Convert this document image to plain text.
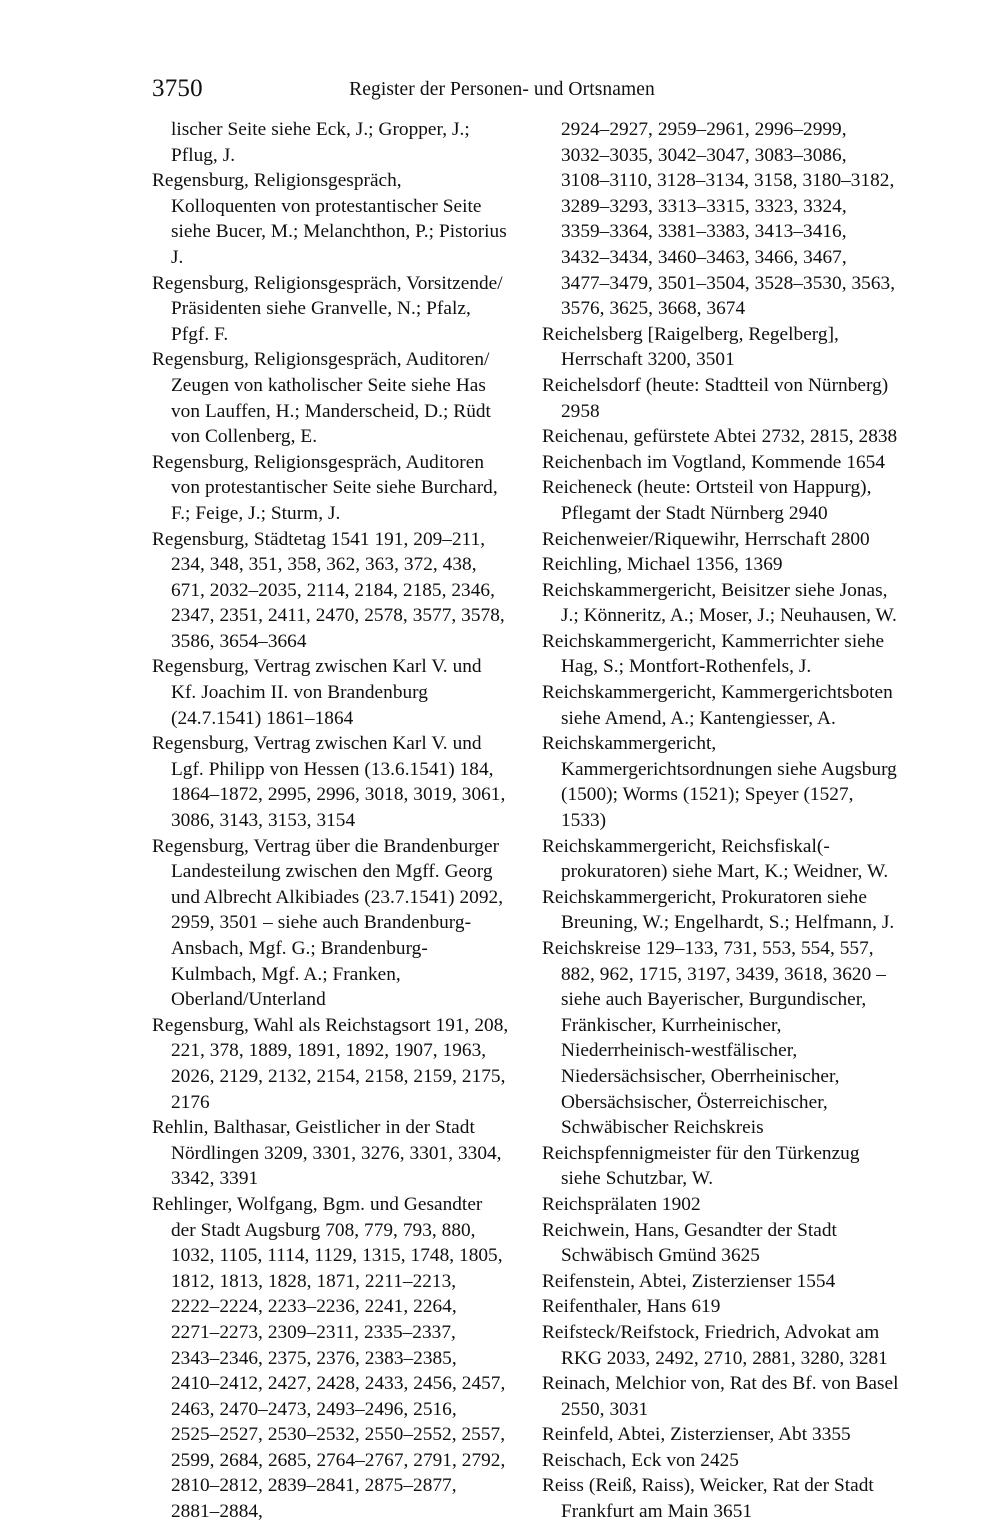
3750	Register der Personen- und Ortsnamen

lischer Seite siehe Eck, J.; Gropper, J.; Pflug, J.

Regensburg, Religionsgespräch, Kolloquenten von protestantischer Seite siehe Bucer, M.; Melanchthon, P.; Pistorius J.

Regensburg, Religionsgespräch, Vorsitzende/ Präsidenten siehe Granvelle, N.; Pfalz, Pfgf. F.

Regensburg, Religionsgespräch, Auditoren/ Zeugen von katholischer Seite siehe Has von Lauffen, H.; Manderscheid, D.; Rüdt von Collenberg, E.

Regensburg, Religionsgespräch, Auditoren von protestantischer Seite siehe Burchard, F.; Feige, J.; Sturm, J.

Regensburg, Städtetag 1541 191, 209–211, 234, 348, 351, 358, 362, 363, 372, 438, 671, 2032–2035, 2114, 2184, 2185, 2346, 2347, 2351, 2411, 2470, 2578, 3577, 3578, 3586, 3654–3664

Regensburg, Vertrag zwischen Karl V. und Kf. Joachim II. von Brandenburg (24.7.1541) 1861–1864

Regensburg, Vertrag zwischen Karl V. und Lgf. Philipp von Hessen (13.6.1541) 184, 1864–1872, 2995, 2996, 3018, 3019, 3061, 3086, 3143, 3153, 3154

Regensburg, Vertrag über die Brandenburger Landesteilung zwischen den Mgff. Georg und Albrecht Alkibiades (23.7.1541) 2092, 2959, 3501 – siehe auch Brandenburg-Ansbach, Mgf. G.; Brandenburg-Kulmbach, Mgf. A.; Franken, Oberland/Unterland

Regensburg, Wahl als Reichstagsort 191, 208, 221, 378, 1889, 1891, 1892, 1907, 1963, 2026, 2129, 2132, 2154, 2158, 2159, 2175, 2176

Rehlin, Balthasar, Geistlicher in der Stadt Nördlingen 3209, 3301, 3276, 3301, 3304, 3342, 3391

Rehlinger, Wolfgang, Bgm. und Gesandter der Stadt Augsburg 708, 779, 793, 880, 1032, 1105, 1114, 1129, 1315, 1748, 1805, 1812, 1813, 1828, 1871, 2211–2213, 2222–2224, 2233–2236, 2241, 2264, 2271–2273, 2309–2311, 2335–2337, 2343–2346, 2375, 2376, 2383–2385, 2410–2412, 2427, 2428, 2433, 2456, 2457, 2463, 2470–2473, 2493–2496, 2516, 2525–2527, 2530–2532, 2550–2552, 2557, 2599, 2684, 2685, 2764–2767, 2791, 2792, 2810–2812, 2839–2841, 2875–2877, 2881–2884,

2924–2927, 2959–2961, 2996–2999, 3032–3035, 3042–3047, 3083–3086, 3108–3110, 3128–3134, 3158, 3180–3182, 3289–3293, 3313–3315, 3323, 3324, 3359–3364, 3381–3383, 3413–3416, 3432–3434, 3460–3463, 3466, 3467, 3477–3479, 3501–3504, 3528–3530, 3563, 3576, 3625, 3668, 3674

Reichelsberg [Raigelberg, Regelberg], Herrschaft 3200, 3501

Reichelsdorf (heute: Stadtteil von Nürnberg) 2958

Reichenau, gefürstete Abtei 2732, 2815, 2838

Reichenbach im Vogtland, Kommende 1654

Reicheneck (heute: Ortsteil von Happurg), Pflegamt der Stadt Nürnberg 2940

Reichenweier/Riquewihr, Herrschaft 2800

Reichling, Michael 1356, 1369

Reichskammergericht, Beisitzer siehe Jonas, J.; Könneritz, A.; Moser, J.; Neuhausen, W.

Reichskammergericht, Kammerrichter siehe Hag, S.; Montfort-Rothenfels, J.

Reichskammergericht, Kammergerichtsboten siehe Amend, A.; Kantengiesser, A.

Reichskammergericht, Kammergerichtsordnungen siehe Augsburg (1500); Worms (1521); Speyer (1527, 1533)

Reichskammergericht, Reichsfiskal(-prokuratoren) siehe Mart, K.; Weidner, W.

Reichskammergericht, Prokuratoren siehe Breuning, W.; Engelhardt, S.; Helfmann, J.

Reichskreise 129–133, 731, 553, 554, 557, 882, 962, 1715, 3197, 3439, 3618, 3620 – siehe auch Bayerischer, Burgundischer, Fränkischer, Kurrheinischer, Niederrheinisch-westfälischer, Niedersächsischer, Oberrheinischer, Obersächsischer, Österreichischer, Schwäbischer Reichskreis

Reichspfennigmeister für den Türkenzug siehe Schutzbar, W.

Reichsprälaten 1902

Reichwein, Hans, Gesandter der Stadt Schwäbisch Gmünd 3625

Reifenstein, Abtei, Zisterzienser 1554

Reifenthaler, Hans 619

Reifsteck/Reifstock, Friedrich, Advokat am RKG 2033, 2492, 2710, 2881, 3280, 3281

Reinach, Melchior von, Rat des Bf. von Basel 2550, 3031

Reinfeld, Abtei, Zisterzienser, Abt 3355

Reischach, Eck von 2425

Reiss (Reiß, Raiss), Weicker, Rat der Stadt Frankfurt am Main 3651
